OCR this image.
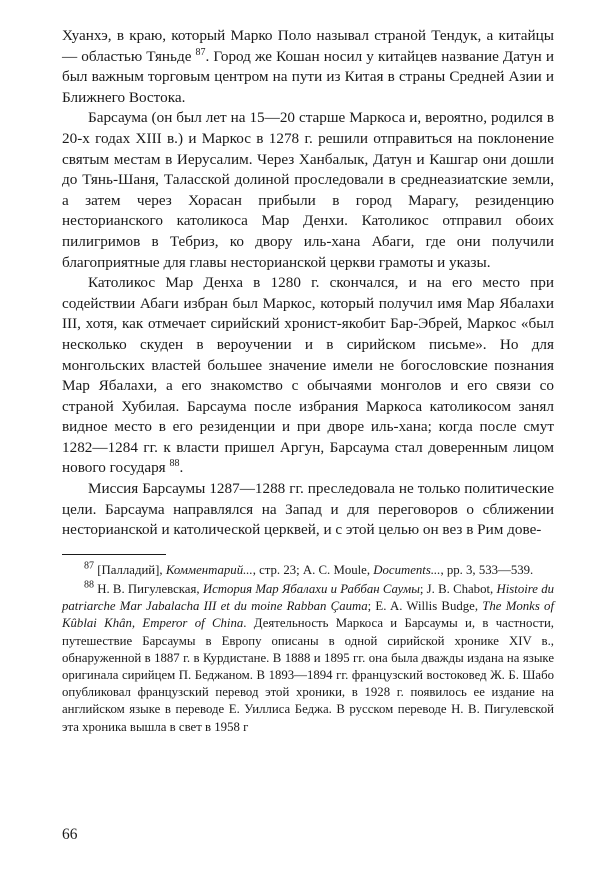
Хуанхэ, в краю, который Марко Поло называл страной Тендук, а китайцы — областью Тяньде $^{87}$. Город же Кошан носил у китайцев название Датун и был важным торговым центром на пути из Китая в страны Средней Азии и Ближнего Востока.

Барсаума (он был лет на 15—20 старше Маркоса и, вероятно, родился в 20-х годах XIII в.) и Маркос в 1278 г. решили отправиться на поклонение святым местам в Иерусалим. Через Ханбалык, Датун и Кашгар они дошли до Тянь-Шаня, Таласской долиной проследовали в среднеазиатские земли, а затем через Хорасан прибыли в город Марагу, резиденцию несторианского католикоса Мар Денхи. Католикос отправил обоих пилигримов в Тебриз, ко двору иль-хана Абаги, где они получили благоприятные для главы несторианской церкви грамоты и указы.

Католикос Мар Денха в 1280 г. скончался, и на его место при содействии Абаги избран был Маркос, который получил имя Мар Ябалахи III, хотя, как отмечает сирийский хронист-якобит Бар-Эбрей, Маркос «был несколько скуден в вероучении и в сирийском письме». Но для монгольских властей большее значение имели не богословские познания Мар Ябалахи, а его знакомство с обычаями монголов и его связи со страной Хубилая. Барсаума после избрания Маркоса католикосом занял видное место в его резиденции и при дворе иль-хана; когда после смут 1282—1284 гг. к власти пришел Аргун, Барсаума стал доверенным лицом нового государя $^{88}$.

Миссия Барсаумы 1287—1288 гг. преследовала не только политические цели. Барсаума направлялся на Запад и для переговоров о сближении несторианской и католической церквей, и с этой целью он вез в Рим дове-

$^{87}$ [Палладий], Комментарий..., стр. 23; A. C. Moule, Documents..., pp. 3, 533—539.

$^{88}$ Н. В. Пигулевская, История Мар Ябалахи и Раббан Саумы; J. B. Chabot, Histoire du patriarche Mar Jabalacha III et du moine Rabban Çauma; E. A. Willis Budge, The Monks of Kûblai Khân, Emperor of China. Деятельность Маркоса и Барсаумы и, в частности, путешествие Барсаумы в Европу описаны в одной сирийской хронике XIV в., обнаруженной в 1887 г. в Курдистане. В 1888 и 1895 гг. она была дважды издана на языке оригинала сирийцем П. Беджаном. В 1893—1894 гг. французский востоковед Ж. Б. Шабо опубликовал французский перевод этой хроники, в 1928 г. появилось ее издание на английском языке в переводе Е. Уиллиса Беджа. В русском переводе Н. В. Пигулевской эта хроника вышла в свет в 1958 г

66
